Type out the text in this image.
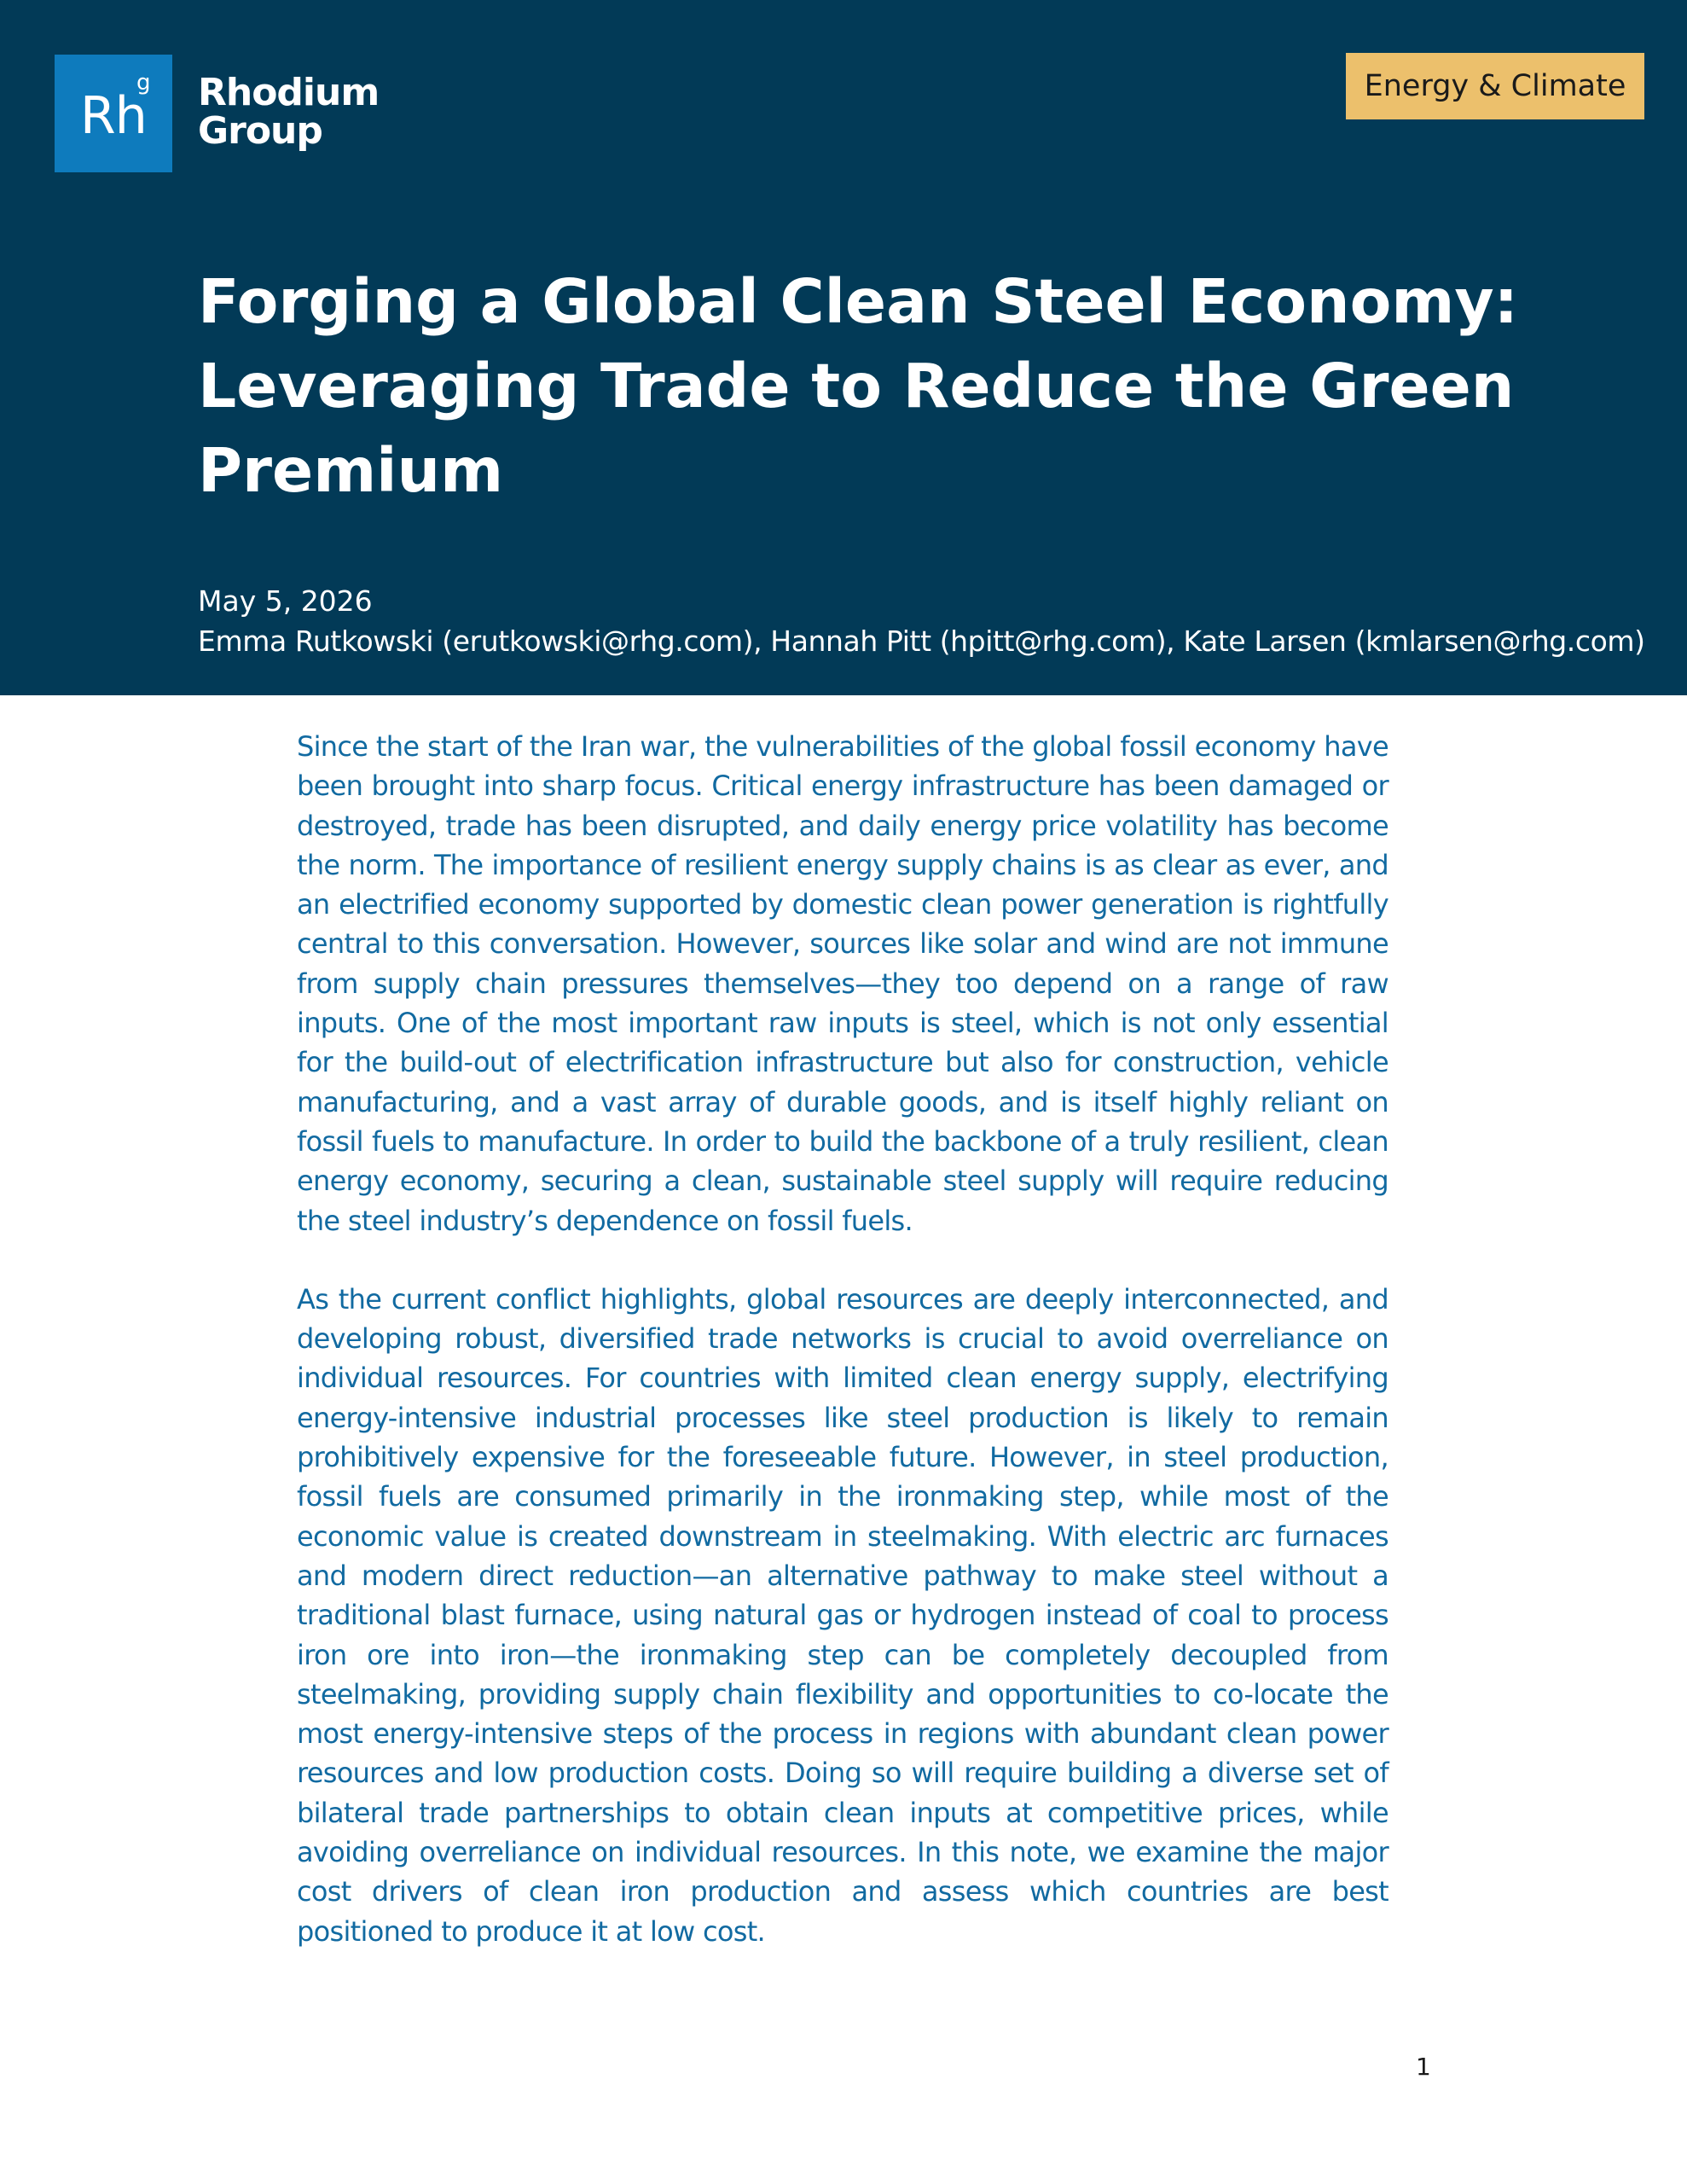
Rh
g Rhodium Group
Energy & Climate
Forging a Global Clean Steel Economy: Leveraging Trade to Reduce the Green Premium
May 5, 2026
Emma Rutkowski (erutkowski@rhg.com), Hannah Pitt (hpitt@rhg.com), Kate Larsen (kmlarsen@rhg.com)

Since the start of the Iran war, the vulnerabilities of the global fossil economy have been brought into sharp focus. Critical energy infrastructure has been damaged or destroyed, trade has been disrupted, and daily energy price volatility has become the norm. The importance of resilient energy supply chains is as clear as ever, and an electrified economy supported by domestic clean power generation is rightfully central to this conversation. However, sources like solar and wind are not immune from supply chain pressures themselves—they too depend on a range of raw inputs. One of the most important raw inputs is steel, which is not only essential for the build-out of electrification infrastructure but also for construction, vehicle manufacturing, and a vast array of durable goods, and is itself highly reliant on fossil fuels to manufacture. In order to build the backbone of a truly resilient, clean energy economy, securing a clean, sustainable steel supply will require reducing the steel industry’s dependence on fossil fuels.

As the current conflict highlights, global resources are deeply interconnected, and developing robust, diversified trade networks is crucial to avoid overreliance on individual resources. For countries with limited clean energy supply, electrifying energy-intensive industrial processes like steel production is likely to remain prohibitively expensive for the foreseeable future. However, in steel production, fossil fuels are consumed primarily in the ironmaking step, while most of the economic value is created downstream in steelmaking. With electric arc furnaces and modern direct reduction—an alternative pathway to make steel without a traditional blast furnace, using natural gas or hydrogen instead of coal to process iron ore into iron—the ironmaking step can be completely decoupled from steelmaking, providing supply chain flexibility and opportunities to co-locate the most energy-intensive steps of the process in regions with abundant clean power resources and low production costs. Doing so will require building a diverse set of bilateral trade partnerships to obtain clean inputs at competitive prices, while avoiding overreliance on individual resources. In this note, we examine the major cost drivers of clean iron production and assess which countries are best positioned to produce it at low cost.

1
